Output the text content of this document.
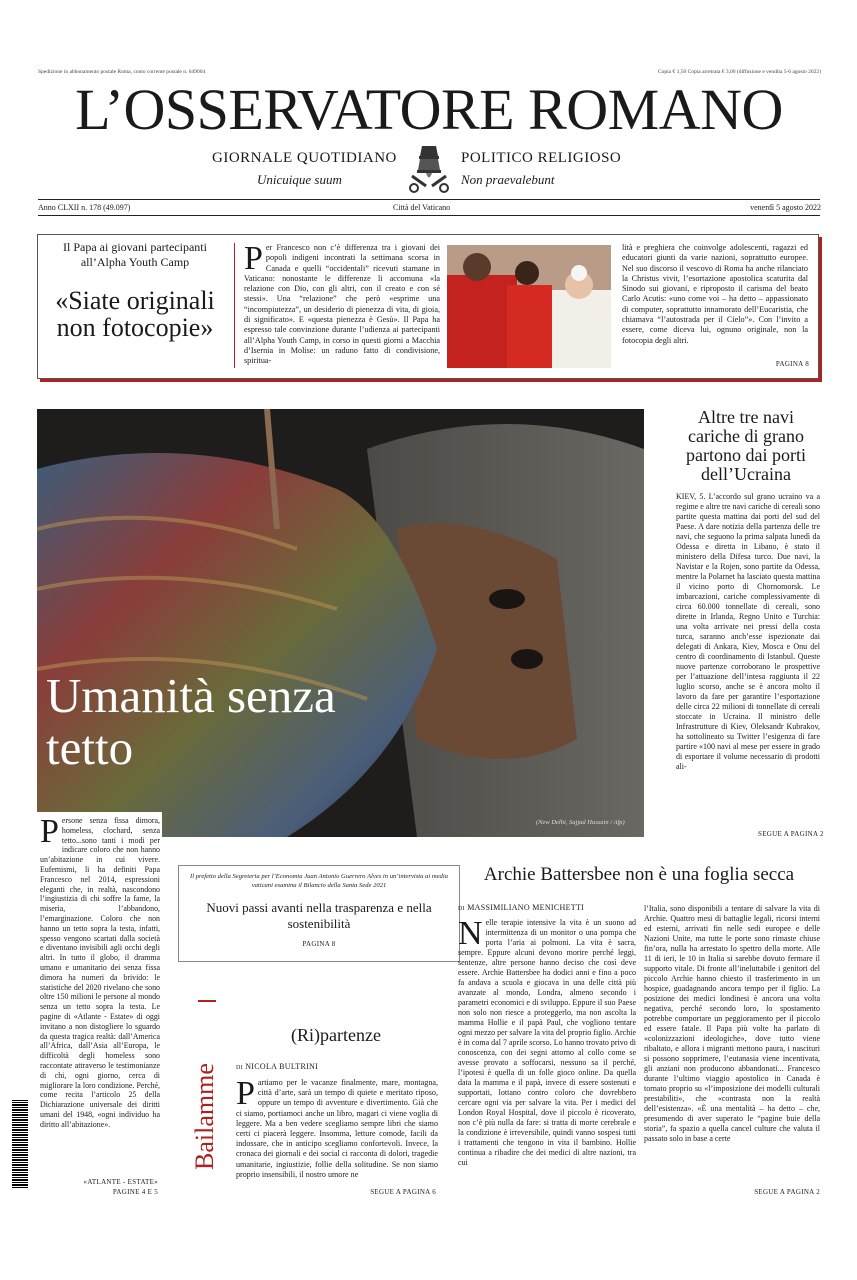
Spedizione in abbonamento postale Roma, conto corrente postale n. 649004	Copia € 1,50 Copia arretrata € 3,00 (diffusione e vendita 5-6 agosto 2022)
L’OSSERVATORE ROMANO
GIORNALE QUOTIDIANO	POLITICO RELIGIOSO
Unicuique suum	Non praevalebunt
Anno CLXII n. 178 (49.097)	Città del Vaticano	venerdì 5 agosto 2022
Il Papa ai giovani partecipanti all’Alpha Youth Camp
«Siate originali non fotocopie»
Per Francesco non c’è differenza tra i giovani dei popoli indigeni incontrati la settimana scorsa in Canada e quelli “occidentali” ricevuti stamane in Vaticano: nonostante le differenze li accomuna «la relazione con Dio, con gli altri, con il creato e con sé stessi». Una “relazione” che però «esprime una “incompiutezza”, un desiderio di pienezza di vita, di gioia, di significato». E «questa pienezza è Gesù». Il Papa ha espresso tale convinzione durante l’udienza ai partecipanti all’Alpha Youth Camp, in corso in questi giorni a Macchia d’Isernia in Molise: un raduno fatto di condivisione, spiritua-
lità e preghiera che coinvolge adolescenti, ragazzi ed educatori giunti da varie nazioni, soprattutto europee. Nel suo discorso il vescovo di Roma ha anche rilanciato la Christus vivit, l’esortazione apostolica scaturita dal Sinodo sui giovani, e riproposto il carisma del beato Carlo Acutis: «uno come voi – ha detto – appassionato di computer, soprattutto innamorato dell’Eucaristia, che chiamava “l’autostrada per il Cielo”». Con l’invito a essere, come diceva lui, ognuno originale, non la fotocopia degli altri.
PAGINA 8
Umanità senza tetto
(New Delhi, Sajjad Hussain / Afp)
Altre tre navi cariche di grano partono dai porti dell’Ucraina
KIEV, 5. L’accordo sul grano ucraino va a regime e altre tre navi cariche di cereali sono partite questa mattina dai porti del sud del Paese. A dare notizia della partenza delle tre navi, che seguono la prima salpata lunedì da Odessa e diretta in Libano, è stato il ministero della Difesa turco. Due navi, la Navistar e la Rojen, sono partite da Odessa, mentre la Polarnet ha lasciato questa mattina il vicino porto di Chornomorsk. Le imbarcazioni, cariche complessivamente di circa 60.000 tonnellate di cereali, sono dirette in Irlanda, Regno Unito e Turchia: una volta arrivate nei pressi della costa turca, saranno anch’esse ispezionate dai delegati di Ankara, Kiev, Mosca e Onu del centro di coordinamento di Istanbul. Queste nuove partenze corroborano le prospettive per l’attuazione dell’intesa raggiunta il 22 luglio scorso, anche se è ancora molto il lavoro da fare per garantire l’esportazione delle circa 22 milioni di tonnellate di cereali stoccate in Ucraina. Il ministro delle Infrastrutture di Kiev, Oleksandr Kubrakov, ha sottolineato su Twitter l’esigenza di fare partire «100 navi al mese per essere in grado di esportare il volume necessario di prodotti ali-
SEGUE A PAGINA 2
Persone senza fissa dimora, homeless, clochard, senza tetto...sono tanti i modi per indicare coloro che non hanno un’abitazione in cui vivere. Eufemismi, li ha definiti Papa Francesco nel 2014, espressioni eleganti che, in realtà, nascondono l’ingiustizia di chi soffre la fame, la miseria, l’abbandono, l’emarginazione. Coloro che non hanno un tetto sopra la testa, infatti, spesso vengono scartati dalla società e diventano invisibili agli occhi degli altri. In tutto il globo, il dramma umano e umanitario dei senza fissa dimora ha numeri da brivido: le statistiche del 2020 rivelano che sono oltre 150 milioni le persone al mondo senza un tetto sopra la testa. Le pagine di «Atlante - Estate» di oggi invitano a non distogliere lo sguardo da questa tragica realtà: dall’America all’Africa, dall’Asia all’Europa, le difficoltà degli homeless sono raccontate attraverso le testimonianze di chi, ogni giorno, cerca di migliorare la loro condizione. Perché, come recita l’articolo 25 della Dichiarazione universale dei diritti umani del 1948, «ogni individuo ha diritto all’abitazione».
«ATLANTE - ESTATE»
PAGINE 4 E 5
Il prefetto della Segreteria per l’Economia Juan Antonio Guerrero Alves in un’intervista ai media vaticani esamina il Bilancio della Santa Sede 2021
Nuovi passi avanti nella trasparenza e nella sostenibilità
PAGINA 8
Bailamme
(Ri)partenze
di NICOLA BULTRINI
Partiamo per le vacanze finalmente, mare, montagna, città d’arte, sarà un tempo di quiete e meritato riposo, oppure un tempo di avventure e divertimento. Già che ci siamo, portiamoci anche un libro, magari ci viene voglia di leggere. Ma a ben vedere scegliamo sempre libri che siamo certi ci piacerà leggere. Insomma, letture comode, facili da indossare, che in anticipo scegliamo confortevoli. Invece, la cronaca dei giornali e dei social ci racconta di dolori, tragedie umanitarie, ingiustizie, follie della solitudine. Se non siamo proprio insensibili, il nostro umore ne
SEGUE A PAGINA 6
Archie Battersbee non è una foglia secca
di MASSIMILIANO MENICHETTI
Nelle terapie intensive la vita è un suono ad intermittenza di un monitor o una pompa che porta l’aria ai polmoni. La vita è sacra, sempre. Eppure alcuni devono morire perché leggi, sentenze, altre persone hanno deciso che così deve essere. Archie Battersbee ha dodici anni e fino a poco fa andava a scuola e giocava in una delle città più avanzate al mondo, Londra, almeno secondo i parametri economici e di sviluppo. Eppure il suo Paese non solo non riesce a proteggerlo, ma non ascolta la mamma Hollie e il papà Paul, che vogliono tentare ogni mezzo per salvare la vita del proprio figlio. Archie è in coma dal 7 aprile scorso. Lo hanno trovato privo di conoscenza, con dei segni attorno al collo come se avesse provato a soffocarsi, nessuno sa il perché, l’ipotesi è quella di un folle gioco online. Da quella data la mamma e il papà, invece di essere sostenuti e supportati, lottano contro coloro che dovrebbero cercare ogni via per salvare la vita. Per i medici del London Royal Hospital, dove il piccolo è ricoverato, non c’è più nulla da fare: si tratta di morte cerebrale e la condizione è irreversibile, quindi vanno sospesi tutti i trattamenti che tengono in vita il bambino. Hollie continua a ribadire che dei medici di altre nazioni, tra cui
l’Italia, sono disponibili a tentare di salvare la vita di Archie. Quattro mesi di battaglie legali, ricorsi interni ed esterni, arrivati fin nelle sedi europee e delle Nazioni Unite, ma tutte le porte sono rimaste chiuse fin’ora, nulla ha arrestato lo spettro della morte. Alle 11 di ieri, le 10 in Italia si sarebbe dovuto fermare il supporto vitale. Di fronte all’ineluttabile i genitori del piccolo Archie hanno chiesto il trasferimento in un hospice, guadagnando ancora tempo per il figlio. La posizione dei medici londinesi è ancora una volta negativa, perché secondo loro, lo spostamento potrebbe comportare un peggioramento per il piccolo ed essere fatale. Il Papa più volte ha parlato di «colonizzazioni ideologiche», dove tutto viene ribaltato, e allora i migranti mettono paura, i nascituri si possono sopprimere, l’eutanasia viene incentivata, gli anziani non producono abbandonati... Francesco durante l’ultimo viaggio apostolico in Canada è tornato proprio su «l’imposizione dei modelli culturali prestabiliti», che «contrasta non la realtà dell’esistenza». «È una mentalità – ha detto – che, presumendo di aver superato le “pagine buie della storia”, fa spazio a quella cancel culture che valuta il passato solo in base a certe
SEGUE A PAGINA 2
